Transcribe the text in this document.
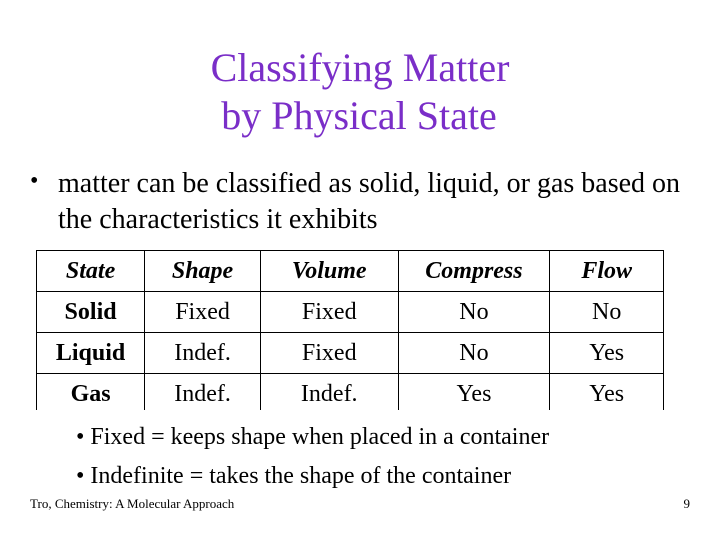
Classifying Matter
by Physical State
• matter can be classified as solid, liquid, or gas based on the characteristics it exhibits
State	Shape	Volume	Compress	Flow
Solid	Fixed	Fixed	No	No
Liquid	Indef.	Fixed	No	Yes
Gas	Indef.	Indef.	Yes	Yes
• Fixed = keeps shape when placed in a container
• Indefinite = takes the shape of the container
Tro, Chemistry: A Molecular Approach	9
